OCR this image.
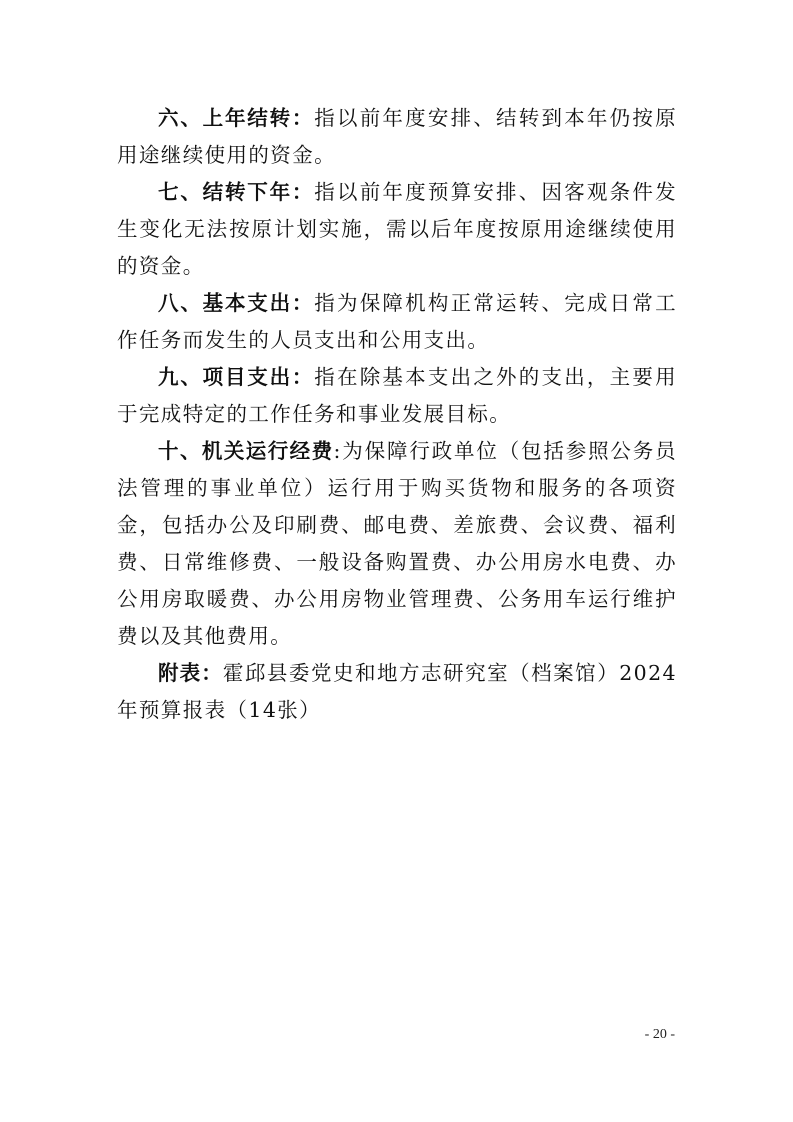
六、上年结转：指以前年度安排、结转到本年仍按原用途继续使用的资金。

七、结转下年：指以前年度预算安排、因客观条件发生变化无法按原计划实施，需以后年度按原用途继续使用的资金。

八、基本支出：指为保障机构正常运转、完成日常工作任务而发生的人员支出和公用支出。

九、项目支出：指在除基本支出之外的支出，主要用于完成特定的工作任务和事业发展目标。

十、机关运行经费:为保障行政单位（包括参照公务员法管理的事业单位）运行用于购买货物和服务的各项资金，包括办公及印刷费、邮电费、差旅费、会议费、福利费、日常维修费、一般设备购置费、办公用房水电费、办公用房取暖费、办公用房物业管理费、公务用车运行维护费以及其他费用。

附表：霍邱县委党史和地方志研究室（档案馆）2024年预算报表（14张）

- 20 -
